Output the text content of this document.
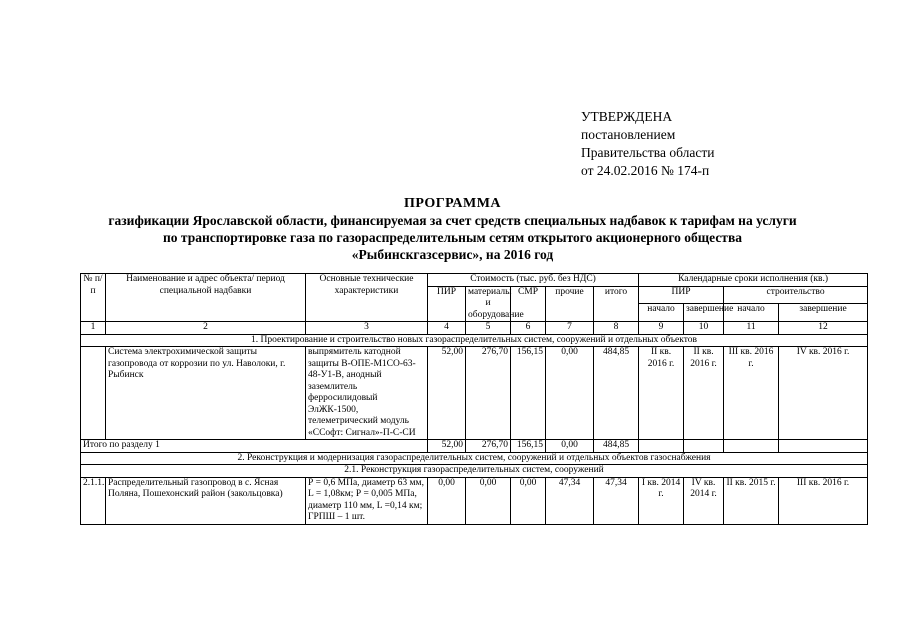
УТВЕРЖДЕНА
постановлением
Правительства области
от 24.02.2016 № 174-п
ПРОГРАММА
газификации Ярославской области, финансируемая за счет средств специальных надбавок к тарифам на услуги
по транспортировке газа по газораспределительным сетям открытого акционерного общества
«Рыбинскгазсервис», на 2016 год
№ п/п	Наименование и адрес объекта/ период специальной надбавки	Основные технические характеристики	Стоимость (тыс. руб. без НДС)					Календарные сроки исполнения (кв.)			
			ПИР	материалы и оборудование	СМР	прочие	итого	ПИР		строительство	
								начало	завершение	начало	завершение
1	2	3	4	5	6	7	8	9	10	11	12
1. Проектирование и строительство новых газораспределительных систем, сооружений и отдельных объектов											
	Система электрохимической защиты газопровода от коррозии по ул. Наволоки, г. Рыбинск	выпрямитель катодной защиты В-ОПЕ-М1СО-63-48-У1-В, анодный заземлитель ферросилидовый ЭлЖК-1500, телеметрический модуль «ССофт: Сигнал»-П-С-СИ	52,00	276,70	156,15	0,00	484,85	II кв. 2016 г.	II кв. 2016 г.	III кв. 2016 г.	IV кв. 2016 г.
Итого по разделу 1			52,00	276,70	156,15	0,00	484,85				
2. Реконструкция и модернизация газораспределительных систем, сооружений и отдельных объектов газоснабжения											
2.1. Реконструкция газораспределительных систем, сооружений											
2.1.1.	Распределительный газопровод в с. Ясная Поляна, Пошехонский район (закольцовка)	Р = 0,6 МПа, диаметр 63 мм, L = 1,08км; Р = 0,005 МПа, диаметр 110 мм, L =0,14 км; ГРПШ – 1 шт.	0,00	0,00	0,00	47,34	47,34	I кв. 2014 г.	IV кв. 2014 г.	II кв. 2015 г.	III кв. 2016 г.
